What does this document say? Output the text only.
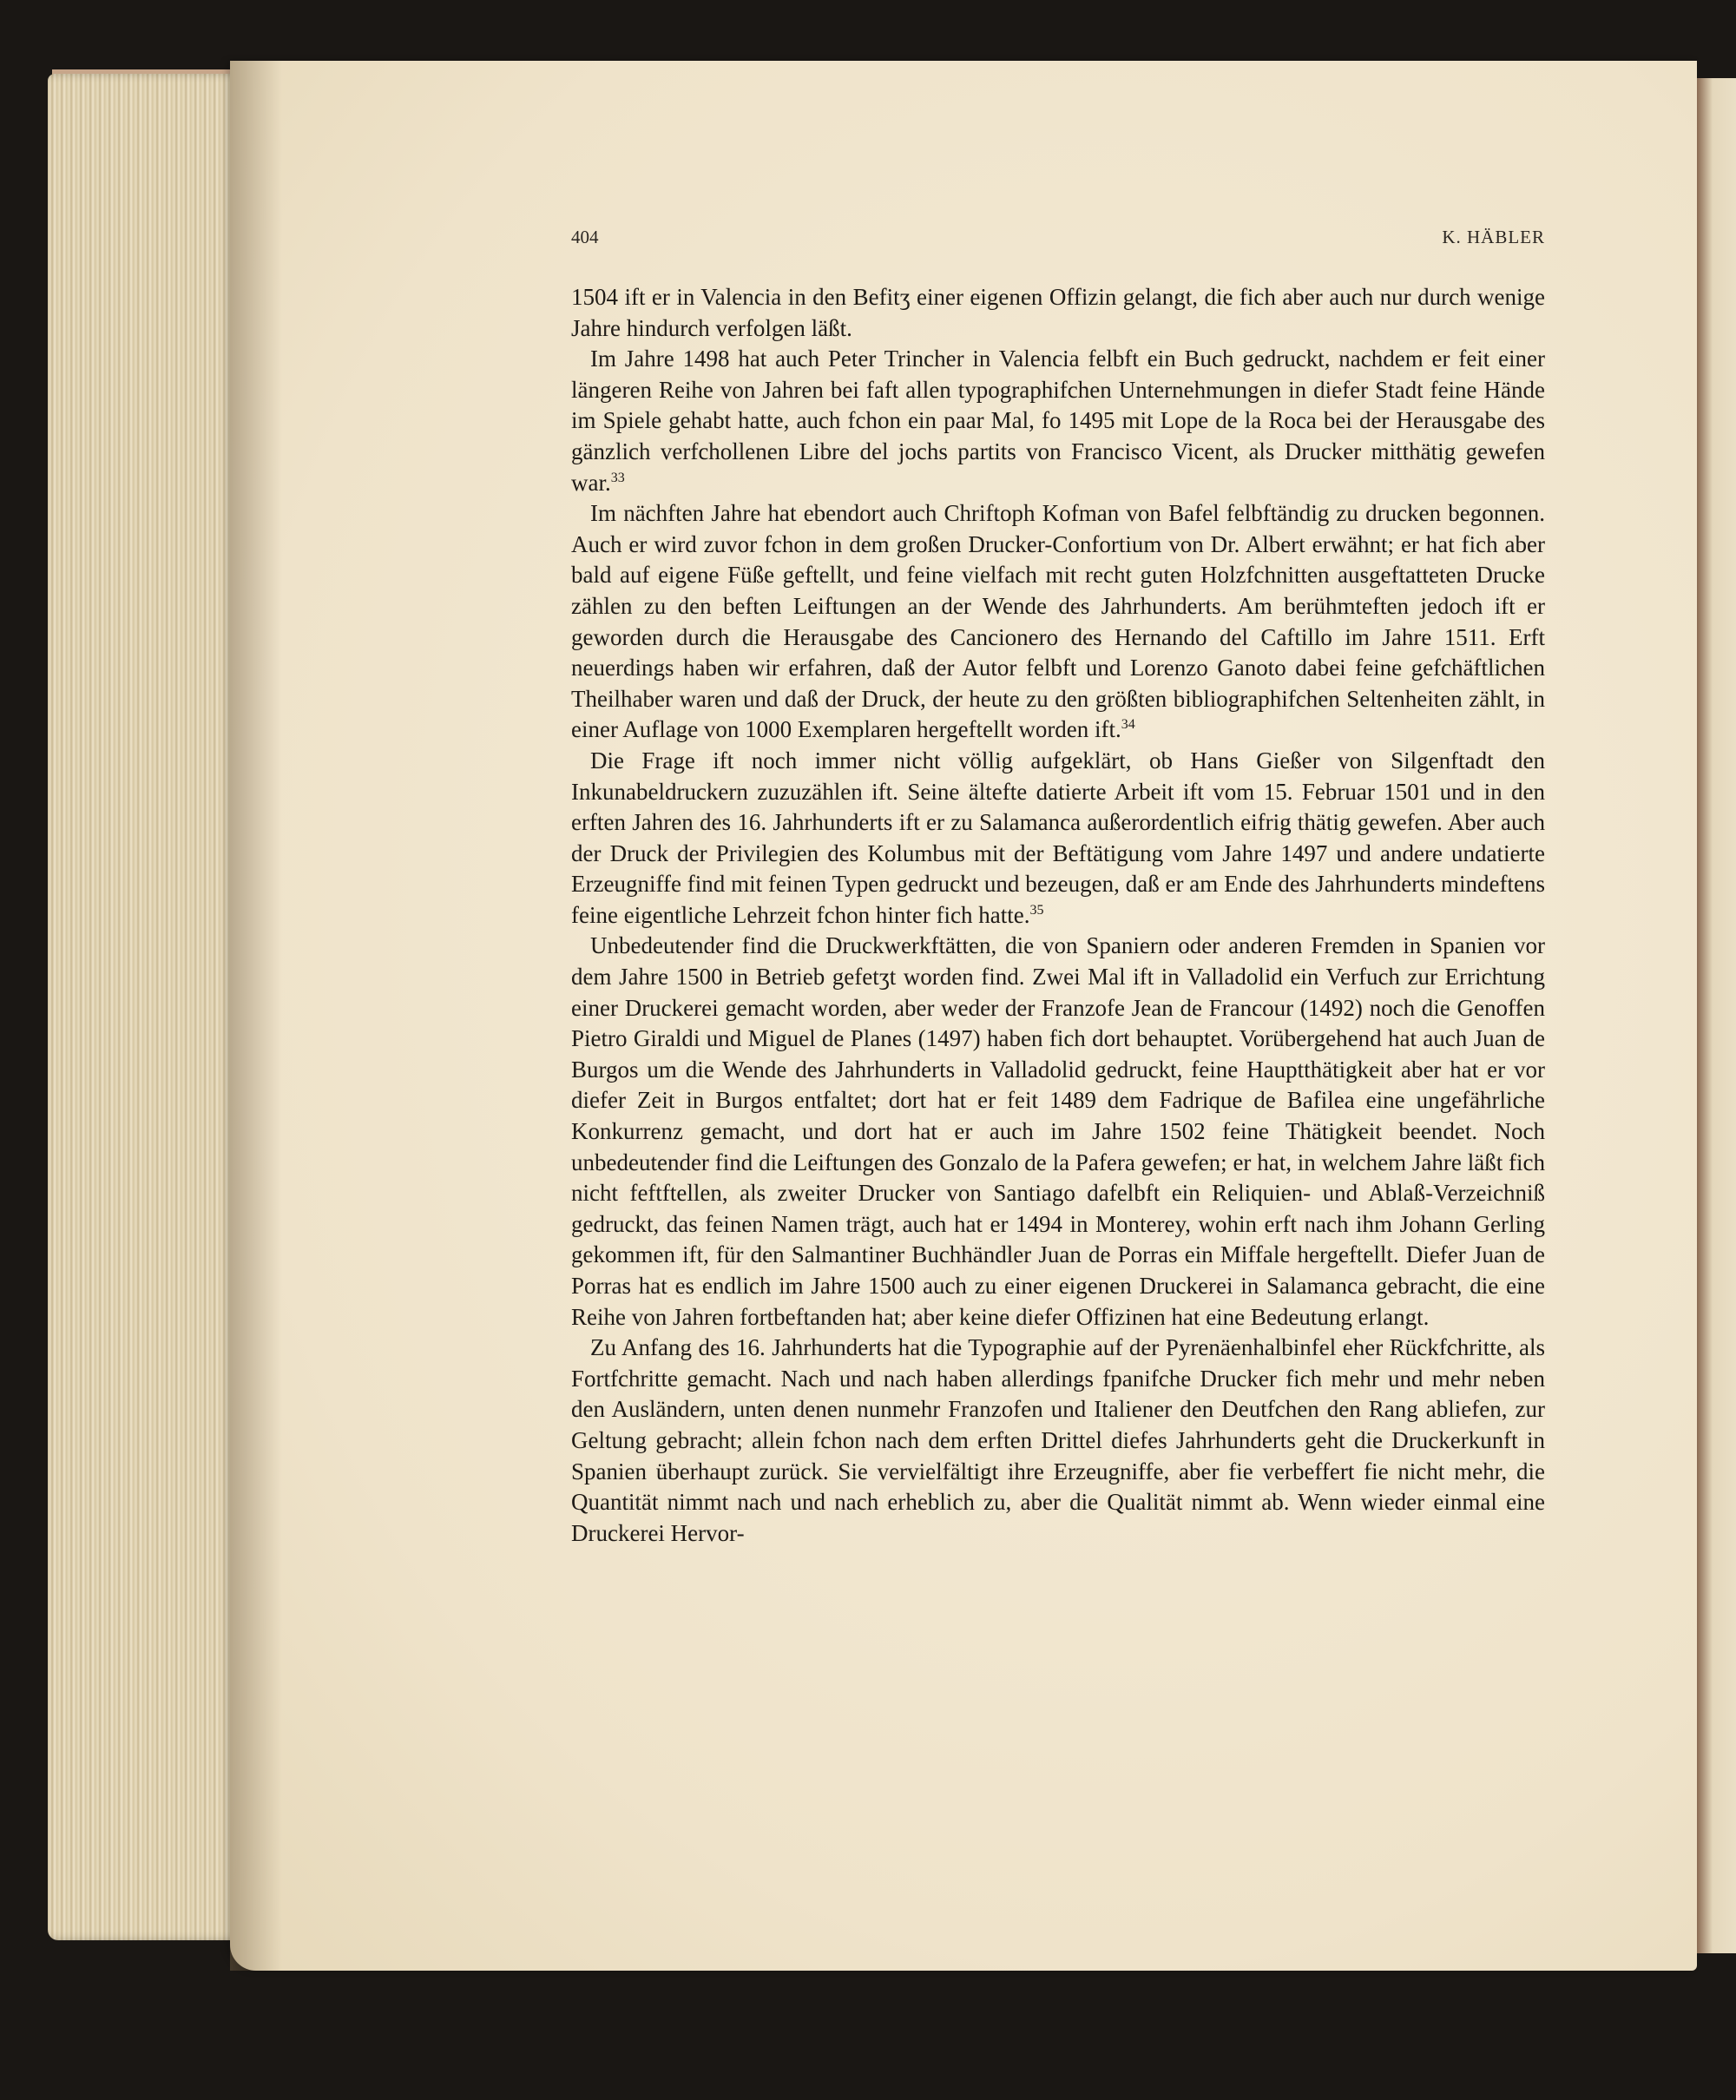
404	K. HÄBLER

1504 ift er in Valencia in den Befitʒ einer eigenen Offizin gelangt, die fich aber auch nur durch wenige Jahre hindurch verfolgen läßt.

Im Jahre 1498 hat auch Peter Trincher in Valencia felbft ein Buch gedruckt, nachdem er feit einer längeren Reihe von Jahren bei faft allen typographifchen Unternehmungen in diefer Stadt feine Hände im Spiele gehabt hatte, auch fchon ein paar Mal, fo 1495 mit Lope de la Roca bei der Herausgabe des gänzlich verfchollenen Libre del jochs partits von Francisco Vicent, als Drucker mitthätig gewefen war.$^{33}$

Im nächften Jahre hat ebendort auch Chriftoph Kofman von Bafel felbftändig zu drucken begonnen. Auch er wird zuvor fchon in dem großen Drucker-Confortium von Dr. Albert erwähnt; er hat fich aber bald auf eigene Füße geftellt, und feine vielfach mit recht guten Holzfchnitten ausgeftatteten Drucke zählen zu den beften Leiftungen an der Wende des Jahrhunderts. Am berühmteften jedoch ift er geworden durch die Herausgabe des Cancionero des Hernando del Caftillo im Jahre 1511. Erft neuerdings haben wir erfahren, daß der Autor felbft und Lorenzo Ganoto dabei feine gefchäftlichen Theilhaber waren und daß der Druck, der heute zu den größten bibliographifchen Seltenheiten zählt, in einer Auflage von 1000 Exemplaren hergeftellt worden ift.$^{34}$

Die Frage ift noch immer nicht völlig aufgeklärt, ob Hans Gießer von Silgenftadt den Inkunabeldruckern zuzuzählen ift. Seine ältefte datierte Arbeit ift vom 15. Februar 1501 und in den erften Jahren des 16. Jahrhunderts ift er zu Salamanca außerordentlich eifrig thätig gewefen. Aber auch der Druck der Privilegien des Kolumbus mit der Beftätigung vom Jahre 1497 und andere undatierte Erzeugniffe find mit feinen Typen gedruckt und bezeugen, daß er am Ende des Jahrhunderts mindeftens feine eigentliche Lehrzeit fchon hinter fich hatte.$^{35}$

Unbedeutender find die Druckwerkftätten, die von Spaniern oder anderen Fremden in Spanien vor dem Jahre 1500 in Betrieb gefetʒt worden find. Zwei Mal ift in Valladolid ein Verfuch zur Errichtung einer Druckerei gemacht worden, aber weder der Franzofe Jean de Francour (1492) noch die Genoffen Pietro Giraldi und Miguel de Planes (1497) haben fich dort behauptet. Vorübergehend hat auch Juan de Burgos um die Wende des Jahrhunderts in Valladolid gedruckt, feine Hauptthätigkeit aber hat er vor diefer Zeit in Burgos entfaltet; dort hat er feit 1489 dem Fadrique de Bafilea eine ungefährliche Konkurrenz gemacht, und dort hat er auch im Jahre 1502 feine Thätigkeit beendet. Noch unbedeutender find die Leiftungen des Gonzalo de la Pafera gewefen; er hat, in welchem Jahre läßt fich nicht feftftellen, als zweiter Drucker von Santiago dafelbft ein Reliquien- und Ablaß-Verzeichniß gedruckt, das feinen Namen trägt, auch hat er 1494 in Monterey, wohin erft nach ihm Johann Gerling gekommen ift, für den Salmantiner Buchhändler Juan de Porras ein Miffale hergeftellt. Diefer Juan de Porras hat es endlich im Jahre 1500 auch zu einer eigenen Druckerei in Salamanca gebracht, die eine Reihe von Jahren fortbeftanden hat; aber keine diefer Offizinen hat eine Bedeutung erlangt.

Zu Anfang des 16. Jahrhunderts hat die Typographie auf der Pyrenäenhalbinfel eher Rückfchritte, als Fortfchritte gemacht. Nach und nach haben allerdings fpanifche Drucker fich mehr und mehr neben den Ausländern, unten denen nunmehr Franzofen und Italiener den Deutfchen den Rang abliefen, zur Geltung gebracht; allein fchon nach dem erften Drittel diefes Jahrhunderts geht die Druckerkunft in Spanien überhaupt zurück. Sie vervielfältigt ihre Erzeugniffe, aber fie verbeffert fie nicht mehr, die Quantität nimmt nach und nach erheblich zu, aber die Qualität nimmt ab. Wenn wieder einmal eine Druckerei Hervor-
